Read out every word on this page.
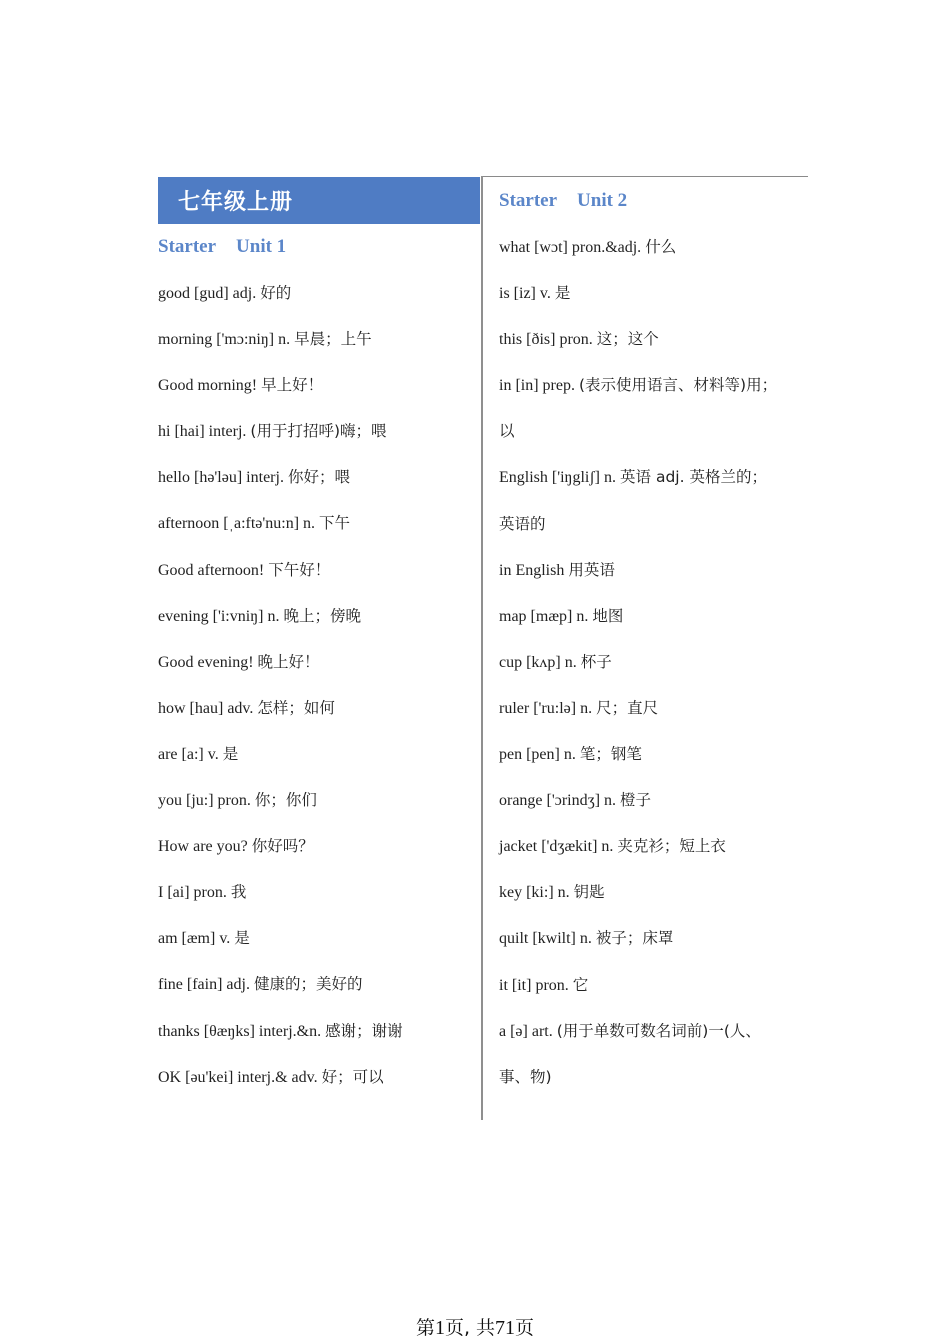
七年级上册
Starter Unit 1
good [gud] adj. 好的
morning ['mɔ:niŋ] n. 早晨；上午
Good morning! 早上好！
hi [hai] interj. (用于打招呼)嗨；喂
hello [hə'ləu] interj. 你好；喂
afternoon [ˌa:ftə'nu:n] n. 下午
Good afternoon! 下午好！
evening ['i:vniŋ] n. 晚上；傍晚
Good evening! 晚上好！
how [hau] adv. 怎样；如何
are [a:] v. 是
you [ju:] pron. 你；你们
How are you? 你好吗？
I [ai] pron. 我
am [æm] v. 是
fine [fain] adj. 健康的；美好的
thanks [θæŋks] interj.&n. 感谢；谢谢
OK [əu'kei] interj.& adv. 好；可以
Starter Unit 2
what [wɔt] pron.&adj. 什么
is [iz] v. 是
this [ðis] pron. 这；这个
in [in] prep. (表示使用语言、材料等)用；
以
English ['iŋgliʃ] n. 英语 adj. 英格兰的；
英语的
in English 用英语
map [mæp] n. 地图
cup [kʌp] n. 杯子
ruler ['ru:lə] n. 尺；直尺
pen [pen] n. 笔；钢笔
orange ['ɔrindʒ] n. 橙子
jacket ['dʒækit] n. 夹克衫；短上衣
key [ki:] n. 钥匙
quilt [kwilt] n. 被子；床罩
it [it] pron. 它
a [ə] art. (用于单数可数名词前)一(人、
事、物)
第1页, 共71页
